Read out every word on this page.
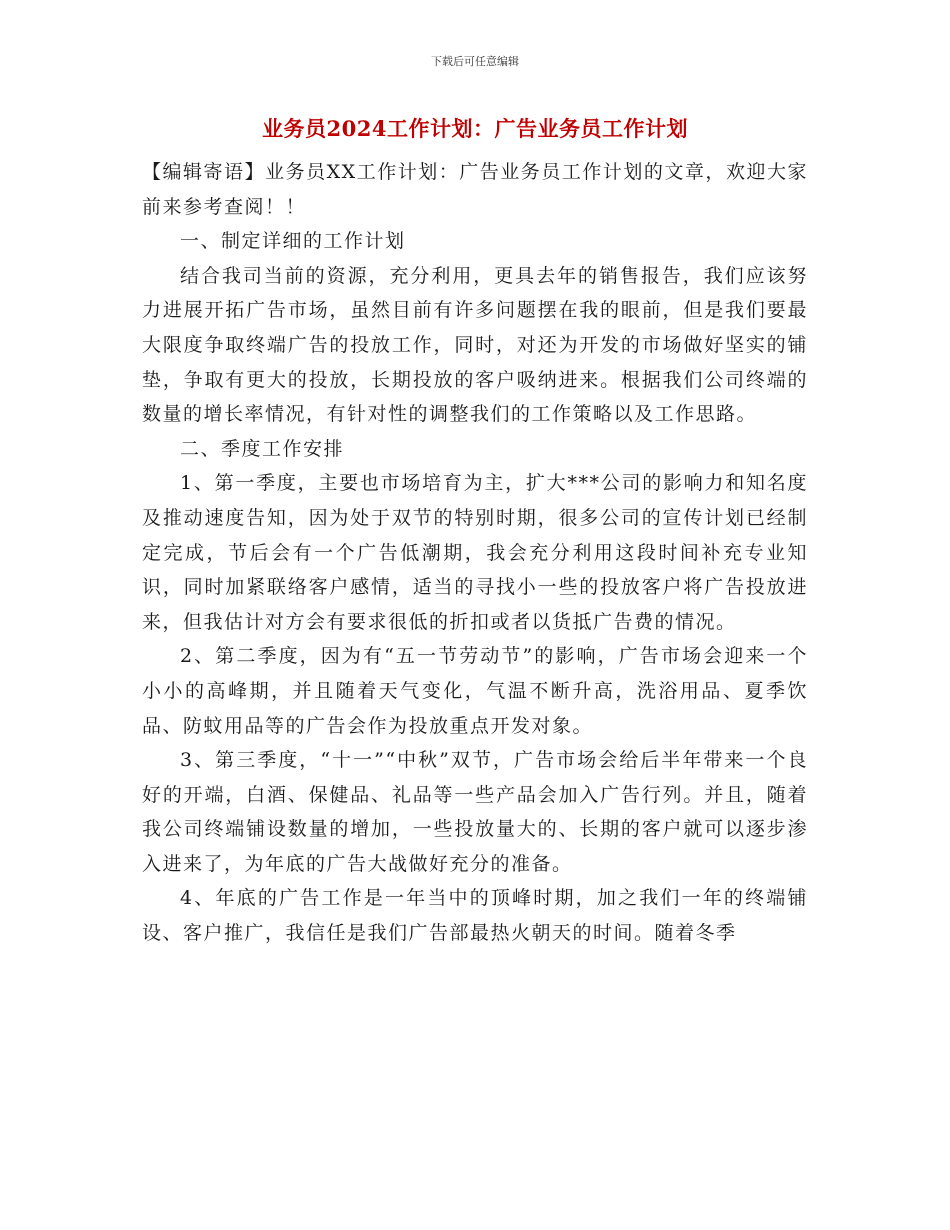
下载后可任意编辑
业务员2024工作计划：广告业务员工作计划

【编辑寄语】业务员XX工作计划：广告业务员工作计划的文章，欢迎大家前来参考查阅！！

一、制定详细的工作计划

结合我司当前的资源，充分利用，更具去年的销售报告，我们应该努力进展开拓广告市场，虽然目前有许多问题摆在我的眼前，但是我们要最大限度争取终端广告的投放工作，同时，对还为开发的市场做好坚实的铺垫，争取有更大的投放，长期投放的客户吸纳进来。根据我们公司终端的数量的增长率情况，有针对性的调整我们的工作策略以及工作思路。

二、季度工作安排

1、第一季度，主要也市场培育为主，扩大***公司的影响力和知名度及推动速度告知，因为处于双节的特别时期，很多公司的宣传计划已经制定完成，节后会有一个广告低潮期，我会充分利用这段时间补充专业知识，同时加紧联络客户感情，适当的寻找小一些的投放客户将广告投放进来，但我估计对方会有要求很低的折扣或者以货抵广告费的情况。

2、第二季度，因为有“五一节劳动节”的影响，广告市场会迎来一个小小的高峰期，并且随着天气变化，气温不断升高，洗浴用品、夏季饮品、防蚊用品等的广告会作为投放重点开发对象。

3、第三季度，“十一”“中秋”双节，广告市场会给后半年带来一个良好的开端，白酒、保健品、礼品等一些产品会加入广告行列。并且，随着我公司终端铺设数量的增加，一些投放量大的、长期的客户就可以逐步渗入进来了，为年底的广告大战做好充分的准备。

4、年底的广告工作是一年当中的顶峰时期，加之我们一年的终端铺设、客户推广，我信任是我们广告部最热火朝天的时间。随着冬季
